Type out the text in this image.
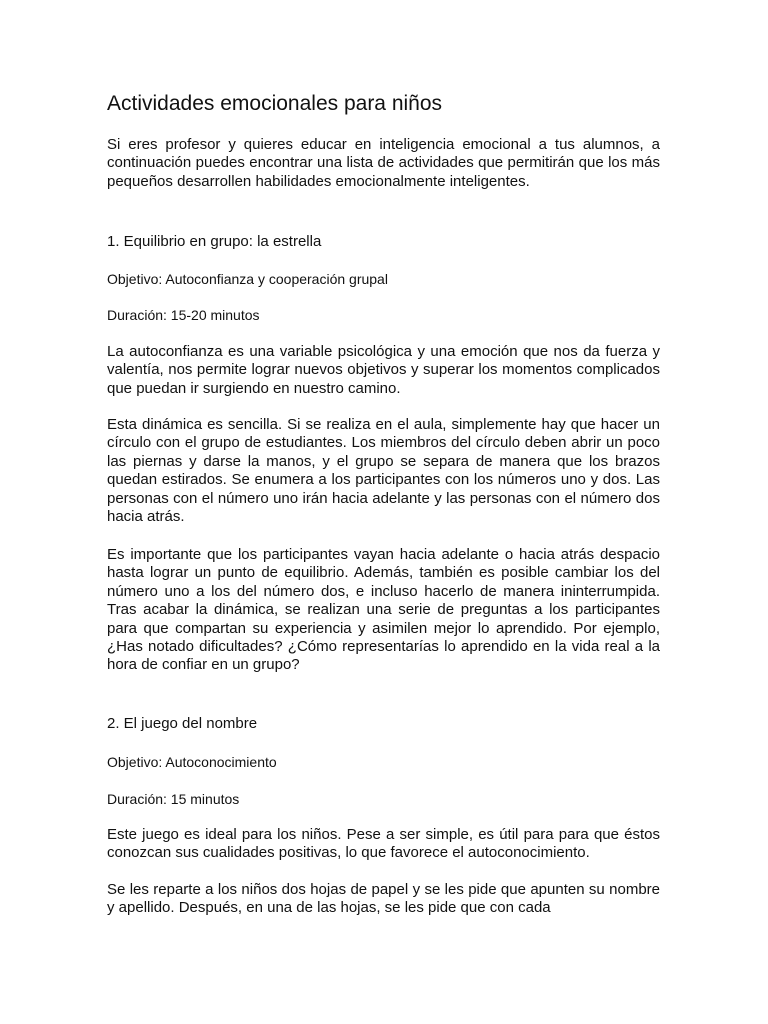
Actividades emocionales para niños

Si eres profesor y quieres educar en inteligencia emocional a tus alumnos, a continuación puedes encontrar una lista de actividades que permitirán que los más pequeños desarrollen habilidades emocionalmente inteligentes.

1. Equilibrio en grupo: la estrella

Objetivo: Autoconfianza y cooperación grupal

Duración: 15-20 minutos

La autoconfianza es una variable psicológica y una emoción que nos da fuerza y valentía, nos permite lograr nuevos objetivos y superar los momentos complicados que puedan ir surgiendo en nuestro camino.

Esta dinámica es sencilla. Si se realiza en el aula, simplemente hay que hacer un círculo con el grupo de estudiantes. Los miembros del círculo deben abrir un poco las piernas y darse la manos, y el grupo se separa de manera que los brazos quedan estirados. Se enumera a los participantes con los números uno y dos. Las personas con el número uno irán hacia adelante y las personas con el número dos hacia atrás.

Es importante que los participantes vayan hacia adelante o hacia atrás despacio hasta lograr un punto de equilibrio. Además, también es posible cambiar los del número uno a los del número dos, e incluso hacerlo de manera ininterrumpida. Tras acabar la dinámica, se realizan una serie de preguntas a los participantes para que compartan su experiencia y asimilen mejor lo aprendido. Por ejemplo, ¿Has notado dificultades? ¿Cómo representarías lo aprendido en la vida real a la hora de confiar en un grupo?

2. El juego del nombre

Objetivo: Autoconocimiento

Duración: 15 minutos

Este juego es ideal para los niños. Pese a ser simple, es útil para para que éstos conozcan sus cualidades positivas, lo que favorece el autoconocimiento.

Se les reparte a los niños dos hojas de papel y se les pide que apunten su nombre y apellido. Después, en una de las hojas, se les pide que con cada
